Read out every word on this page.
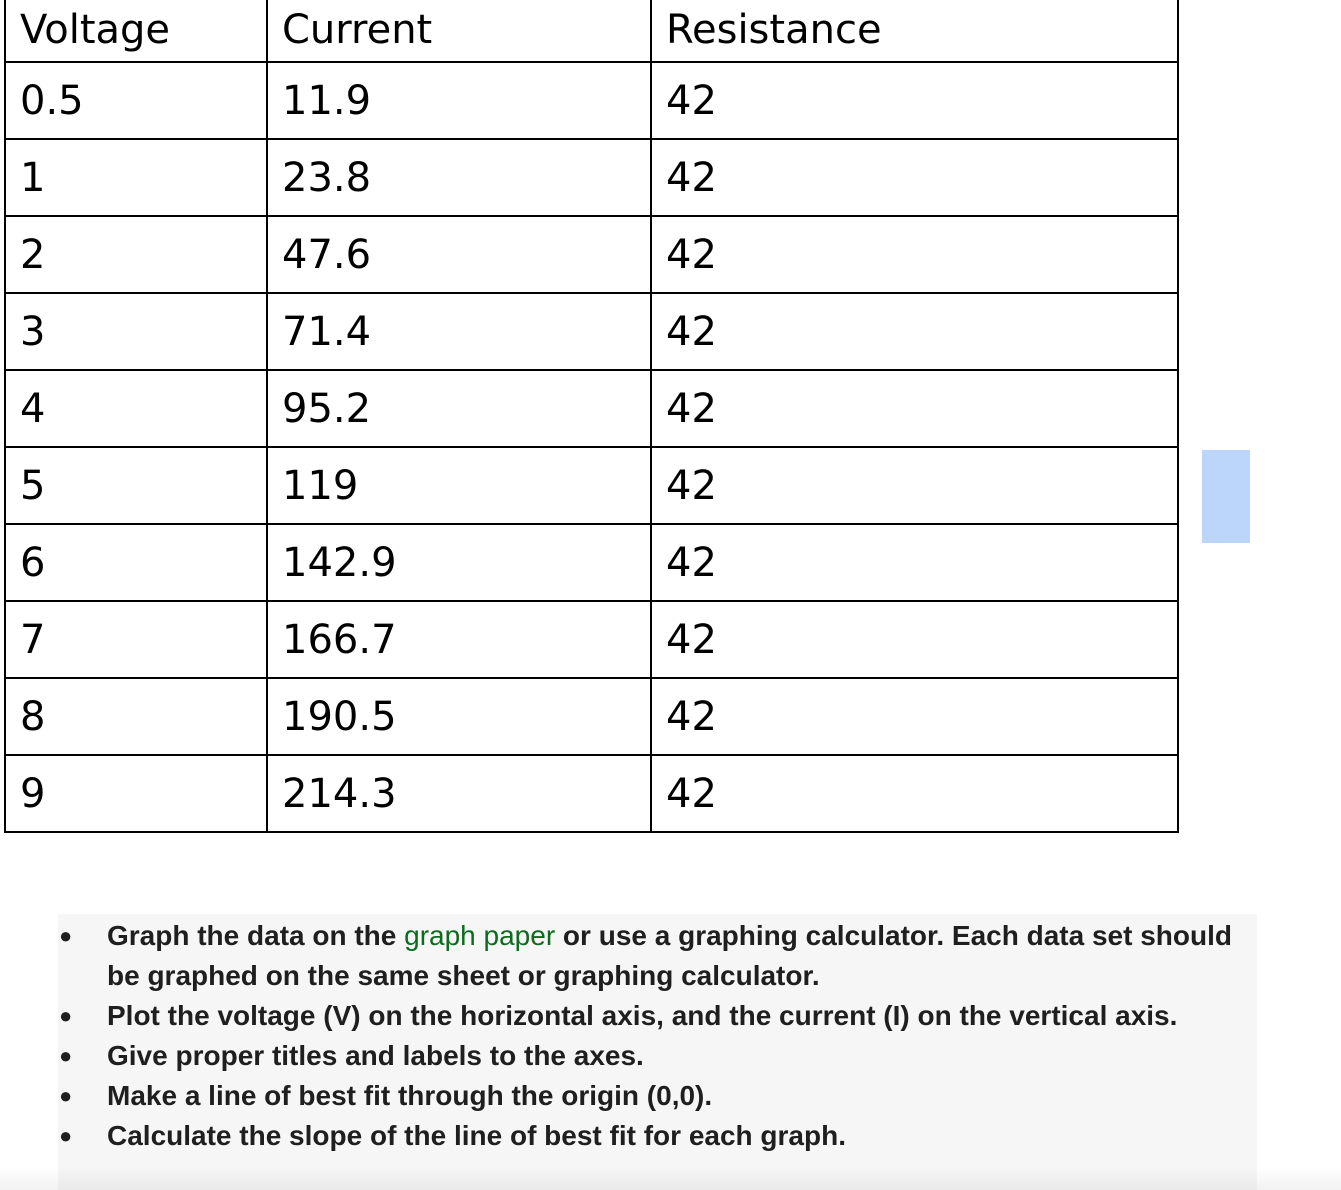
Voltage	Current	Resistance
0.5	11.9	42
1	23.8	42
2	47.6	42
3	71.4	42
4	95.2	42
5	119	42
6	142.9	42
7	166.7	42
8	190.5	42
9	214.3	42
● Graph the data on the graph paper or use a graphing calculator. Each data set should be graphed on the same sheet or graphing calculator.
● Plot the voltage (V) on the horizontal axis, and the current (I) on the vertical axis.
● Give proper titles and labels to the axes.
● Make a line of best fit through the origin (0,0).
● Calculate the slope of the line of best fit for each graph.
